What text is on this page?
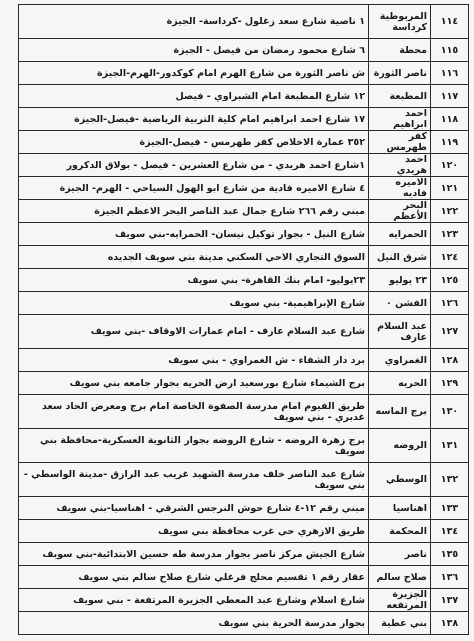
١١٤	المربوطية كرداسة	١ ناصية شارع سعد زغلول -كرداسة- الجيزة
١١٥	محطة	٦ شارع محمود رمضان من فيصل - الجيزة
١١٦	ناصر الثورة	ش ناصر الثورة من شارع الهرم امام كوكدور-الهرم-الجيزة
١١٧	المطبعة	١٢ شارع المطبعة امام الشبراوي - فيصل
١١٨	احمد ابراهيم	١٧ شارع احمد ابراهيم امام كلية التربية الرياضية -فيصل-الجيزة
١١٩	كفر طهرمس	٣٥٢ عمارة الاخلاص كفر طهرمس - فيصل-الجيزة
١٢٠	احمد هريدي	١شارع احمد هريدي - من شارع العشرين - فيصل - بولاق الدكرور
١٢١	الاميره فاديه	٤ شارع الاميره فادية من شارع ابو الهول السياحي - الهرم- الجيزة
١٢٢	البحر الأعظم	مبني رقم ٢٦٦ شارع جمال عبد الناصر البحر الاعظم الجيزة
١٢٣	الحمرايه	شارع النيل - بجوار توكيل نيسان- الحمرايه-بني سويف
١٢٤	شرق النيل	السوق التجاري الاحي السكني مدينة بني سويف الجديده
١٢٥	٢٣ يوليو	٢٣يوليو- امام بنك القاهرة- بني سويف
١٢٦	الفشن ٠	شارع الإبراهيمية- بني سويف
١٢٧	عبد السلام عارف	شارع عبد السلام عارف - امام عمارات الاوقاف -بني سويف
١٢٨	الغمراوي	برد دار الشفاء - ش الغمراوي - بني سويف
١٢٩	الحريه	برج الشيماء شارع بورسعيد ارض الحريه بجوار جامعه بني سويف
١٣٠	برج الماسه	طريق الفيوم امام مدرسة الصفوة الخاصة امام برج ومعرض الحاد سعد غدبري - بني سويف
١٣١	الروضه	برج زهرة الروضه - شارع الروضه بجوار الثانوية العسكرية-محافظة بني سويف
١٣٢	الوسطي	شارع عبد الناصر خلف مدرسة الشهيد غريب عبد الرازق -مدينة الواسطي - بني سويف
١٣٣	اهناسيا	مبني رقم ١٢-٤ شارع حوش النرجس الشرقي - اهناسيا-بني سويف
١٣٤	المحكمة	طريق الازهري حي غرب محافظة بني سويف
١٣٥	ناصر	شارع الجيش مركز ناصر بجوار مدرسة طه حسين الابتدائية-بني سويف
١٣٦	صلاح سالم	عقار رقم ١ تقسيم محلج فرغلي شارع صلاح سالم بني سويف
١٣٧	الجزيرة المرتفعه	شارع اسلام وشارع عبد المعطي الجزيرة المرتفعة - بني سويف
١٣٨	بني عطية	بجوار مدرسة الحرية بني سويف
